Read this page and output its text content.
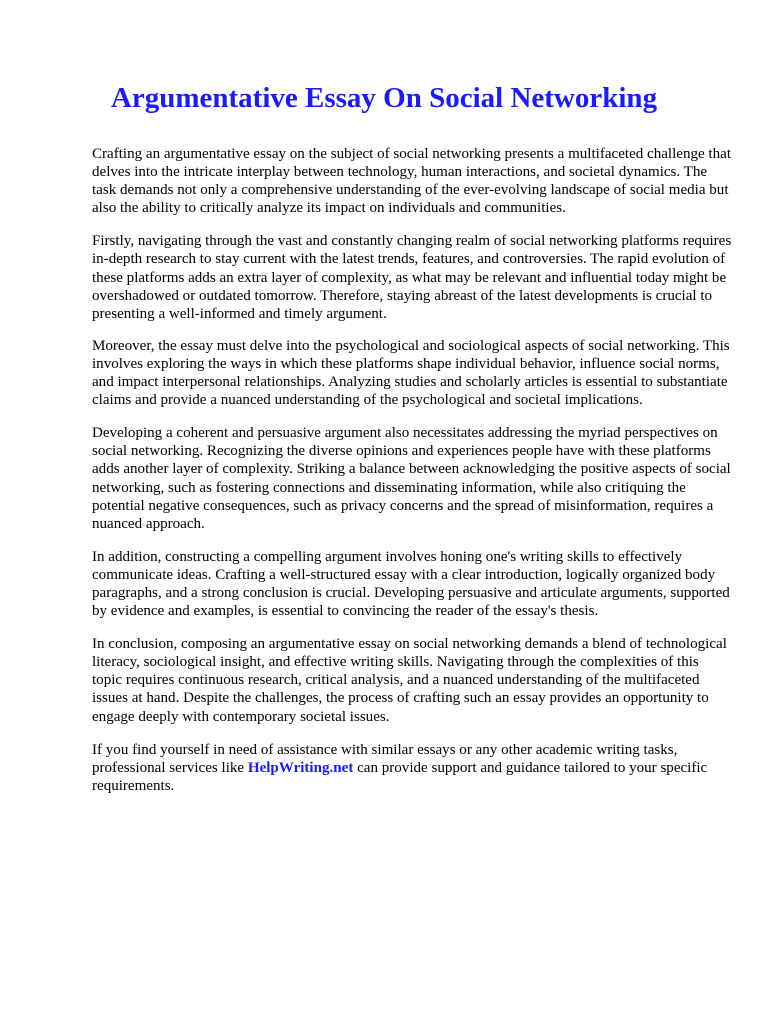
Argumentative Essay On Social Networking

Crafting an argumentative essay on the subject of social networking presents a multifaceted challenge that delves into the intricate interplay between technology, human interactions, and societal dynamics. The task demands not only a comprehensive understanding of the ever-evolving landscape of social media but also the ability to critically analyze its impact on individuals and communities.

Firstly, navigating through the vast and constantly changing realm of social networking platforms requires in-depth research to stay current with the latest trends, features, and controversies. The rapid evolution of these platforms adds an extra layer of complexity, as what may be relevant and influential today might be overshadowed or outdated tomorrow. Therefore, staying abreast of the latest developments is crucial to presenting a well-informed and timely argument.

Moreover, the essay must delve into the psychological and sociological aspects of social networking. This involves exploring the ways in which these platforms shape individual behavior, influence social norms, and impact interpersonal relationships. Analyzing studies and scholarly articles is essential to substantiate claims and provide a nuanced understanding of the psychological and societal implications.

Developing a coherent and persuasive argument also necessitates addressing the myriad perspectives on social networking. Recognizing the diverse opinions and experiences people have with these platforms adds another layer of complexity. Striking a balance between acknowledging the positive aspects of social networking, such as fostering connections and disseminating information, while also critiquing the potential negative consequences, such as privacy concerns and the spread of misinformation, requires a nuanced approach.

In addition, constructing a compelling argument involves honing one's writing skills to effectively communicate ideas. Crafting a well-structured essay with a clear introduction, logically organized body paragraphs, and a strong conclusion is crucial. Developing persuasive and articulate arguments, supported by evidence and examples, is essential to convincing the reader of the essay's thesis.

In conclusion, composing an argumentative essay on social networking demands a blend of technological literacy, sociological insight, and effective writing skills. Navigating through the complexities of this topic requires continuous research, critical analysis, and a nuanced understanding of the multifaceted issues at hand. Despite the challenges, the process of crafting such an essay provides an opportunity to engage deeply with contemporary societal issues.

If you find yourself in need of assistance with similar essays or any other academic writing tasks, professional services like HelpWriting.net can provide support and guidance tailored to your specific requirements.
